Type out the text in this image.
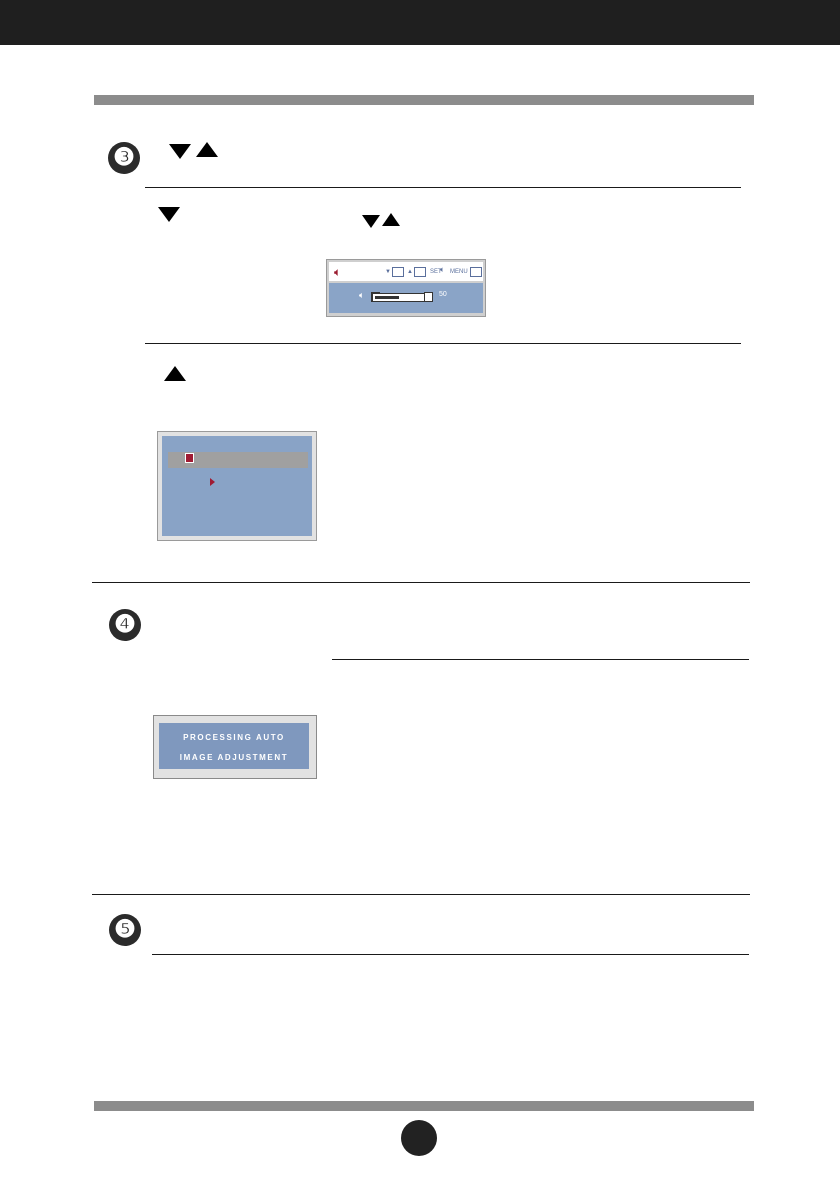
❸
🔈︎	▼	▲	SET
🔈︎ MENU
🔈︎	50
❹
PROCESSING AUTO
IMAGE ADJUSTMENT
❺
